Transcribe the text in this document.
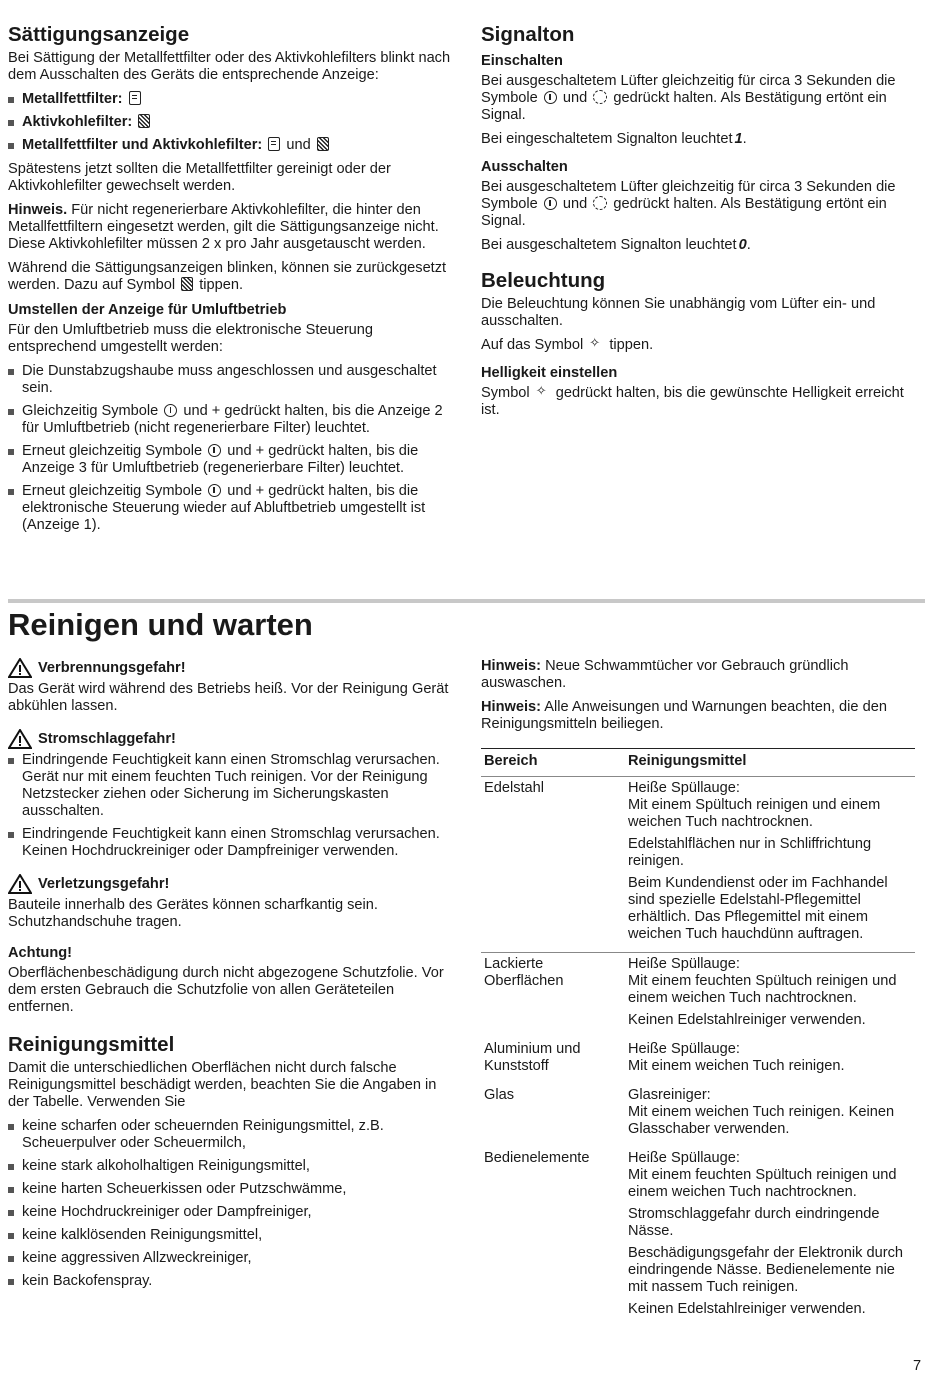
Sättigungsanzeige

Bei Sättigung der Metallfettfilter oder des Aktivkohlefilters blinkt nach dem Ausschalten des Geräts die entsprechende Anzeige:

Metallfettfilter:
Aktivkohlefilter:
Metallfettfilter und Aktivkohlefilter: und

Spätestens jetzt sollten die Metallfettfilter gereinigt oder der Aktivkohlefilter gewechselt werden.

Hinweis. Für nicht regenerierbare Aktivkohlefilter, die hinter den Metallfettfiltern eingesetzt werden, gilt die Sättigungsanzeige nicht. Diese Aktivkohlefilter müssen 2 x pro Jahr ausgetauscht werden.

Während die Sättigungsanzeigen blinken, können sie zurückgesetzt werden. Dazu auf Symbol tippen.

Umstellen der Anzeige für Umluftbetrieb

Für den Umluftbetrieb muss die elektronische Steuerung entsprechend umgestellt werden:

Die Dunstabzugshaube muss angeschlossen und ausgeschaltet sein.
Gleichzeitig Symbole und + gedrückt halten, bis die Anzeige 2 für Umluftbetrieb (nicht regenerierbare Filter) leuchtet.
Erneut gleichzeitig Symbole und + gedrückt halten, bis die Anzeige 3 für Umluftbetrieb (regenerierbare Filter) leuchtet.
Erneut gleichzeitig Symbole und + gedrückt halten, bis die elektronische Steuerung wieder auf Abluftbetrieb umgestellt ist (Anzeige 1).
Signalton
Einschalten

Bei ausgeschaltetem Lüfter gleichzeitig für circa 3 Sekunden die Symbole und gedrückt halten. Als Bestätigung ertönt ein Signal.

Bei eingeschaltetem Signalton leuchtet 1.

Ausschalten

Bei ausgeschaltetem Lüfter gleichzeitig für circa 3 Sekunden die Symbole und gedrückt halten. Als Bestätigung ertönt ein Signal.

Bei ausgeschaltetem Signalton leuchtet 0.

Beleuchtung

Die Beleuchtung können Sie unabhängig vom Lüfter ein- und ausschalten.

Auf das Symbol ✧ tippen.

Helligkeit einstellen

Symbol ✧ gedrückt halten, bis die gewünschte Helligkeit erreicht ist.

Reinigen und warten
Verbrennungsgefahr!

Das Gerät wird während des Betriebs heiß. Vor der Reinigung Gerät abkühlen lassen.

Stromschlaggefahr!
Eindringende Feuchtigkeit kann einen Stromschlag verursachen. Gerät nur mit einem feuchten Tuch reinigen. Vor der Reinigung Netzstecker ziehen oder Sicherung im Sicherungskasten ausschalten.
Eindringende Feuchtigkeit kann einen Stromschlag verursachen. Keinen Hochdruckreiniger oder Dampfreiniger verwenden.
Verletzungsgefahr!

Bauteile innerhalb des Gerätes können scharfkantig sein. Schutzhandschuhe tragen.

Achtung!

Oberflächenbeschädigung durch nicht abgezogene Schutzfolie. Vor dem ersten Gebrauch die Schutzfolie von allen Geräteteilen entfernen.

Reinigungsmittel

Damit die unterschiedlichen Oberflächen nicht durch falsche Reinigungsmittel beschädigt werden, beachten Sie die Angaben in der Tabelle. Verwenden Sie

keine scharfen oder scheuernden Reinigungsmittel, z.B. Scheuerpulver oder Scheuermilch,
keine stark alkoholhaltigen Reinigungsmittel,
keine harten Scheuerkissen oder Putzschwämme,
keine Hochdruckreiniger oder Dampfreiniger,
keine kalklösenden Reinigungsmittel,
keine aggressiven Allzweckreiniger,
kein Backofenspray.

Hinweis: Neue Schwammtücher vor Gebrauch gründlich auswaschen.

Hinweis: Alle Anweisungen und Warnungen beachten, die den Reinigungsmitteln beiliegen.

Bereich	Reinigungsmittel
Edelstahl	Heiße Spüllauge:
Mit einem Spültuch reinigen und einem weichen Tuch nachtrocknen.

Edelstahlflächen nur in Schliffrichtung reinigen.

Beim Kundendienst oder im Fachhandel sind spezielle Edelstahl-Pflegemittel erhältlich. Das Pflegemittel mit einem weichen Tuch hauchdünn auftragen.

Lackierte Oberflächen	Heiße Spüllauge:
Mit einem feuchten Spültuch reinigen und einem weichen Tuch nachtrocknen.

Keinen Edelstahlreiniger verwenden.

Aluminium und Kunststoff	Heiße Spüllauge:
Mit einem weichen Tuch reinigen.

Glas	Glasreiniger:
Mit einem weichen Tuch reinigen. Keinen Glasschaber verwenden.

Bedienelemente	Heiße Spüllauge:
Mit einem feuchten Spültuch reinigen und einem weichen Tuch nachtrocknen.

Stromschlaggefahr durch eindringende Nässe.

Beschädigungsgefahr der Elektronik durch eindringende Nässe. Bedienelemente nie mit nassem Tuch reinigen.

Keinen Edelstahlreiniger verwenden.

7
